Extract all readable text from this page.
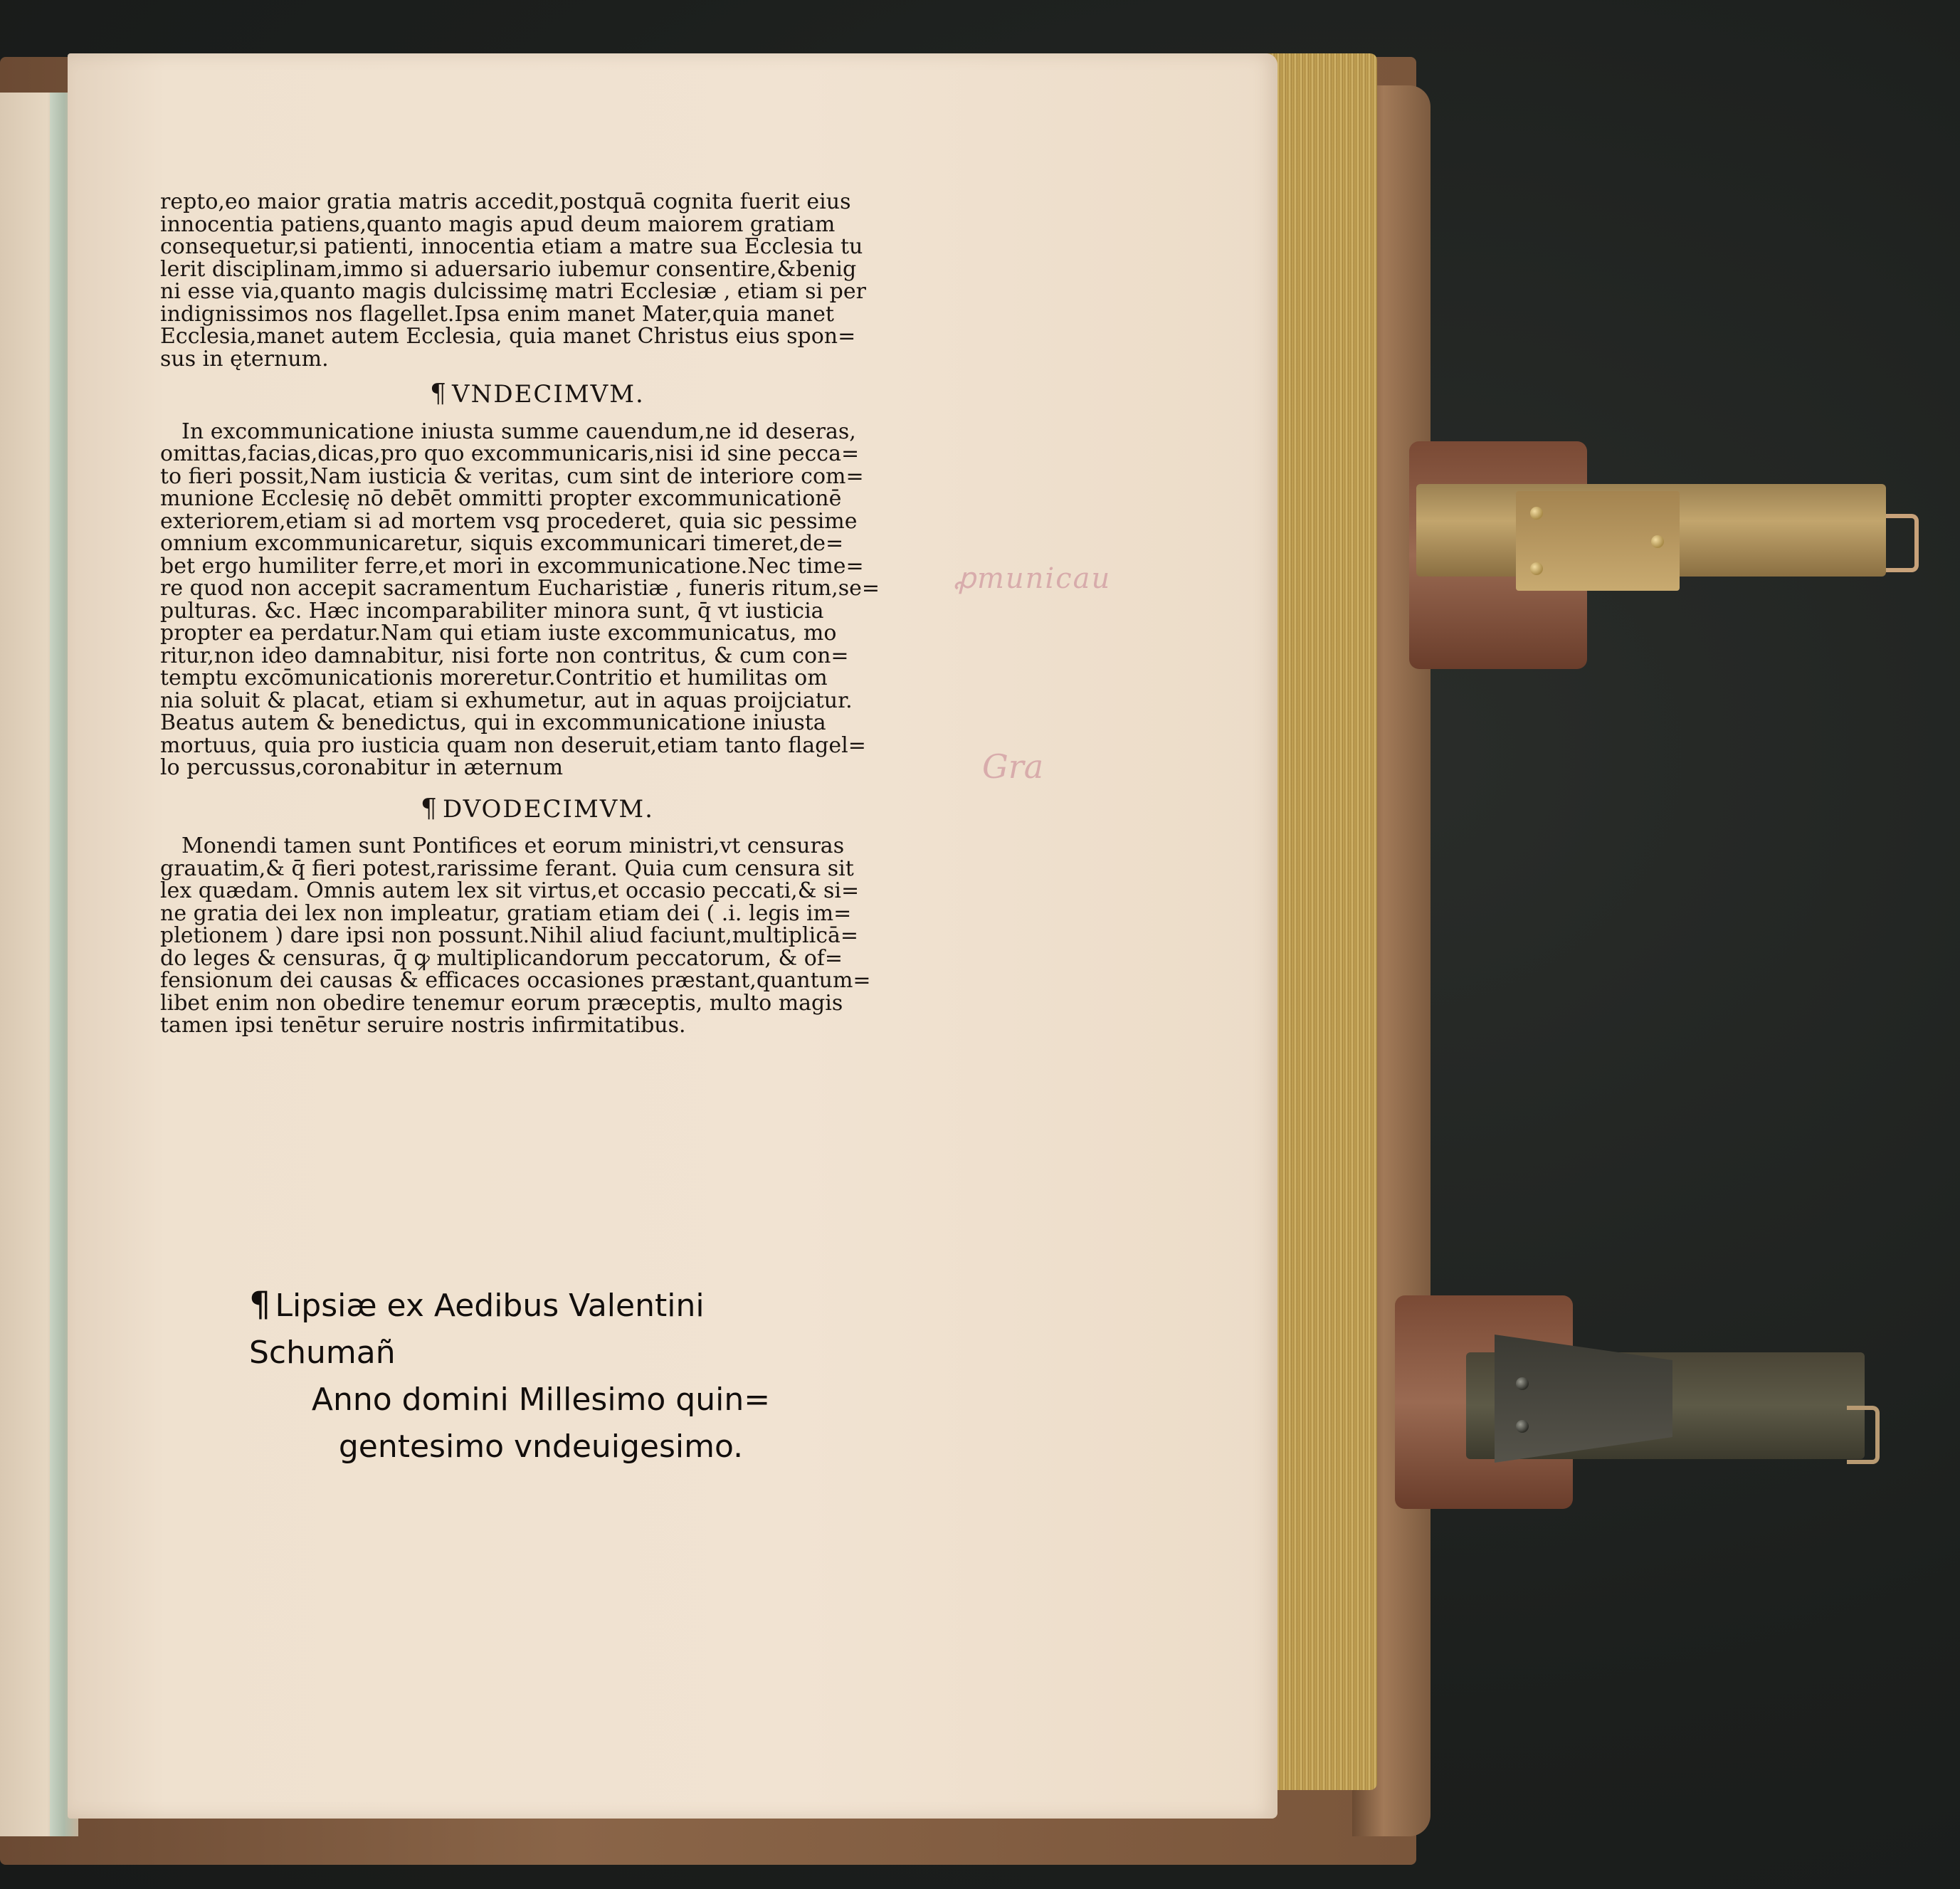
repto,eo maior gratia matris accedit,postquā cognita fuerit eius

innocentia patiens,quanto magis apud deum maiorem gratiam

consequetur,si patienti, innocentia etiam a matre sua Ecclesia tu

lerit disciplinam,immo si aduersario iubemur consentire,&benig

ni esse via,quanto magis dulcissimę matri Ecclesiæ , etiam si per

indignissimos nos flagellet.Ipsa enim manet Mater,quia manet

Ecclesia,manet autem Ecclesia, quia manet Christus eius spon=

sus in ęternum.

¶ VNDECIMVM.

In excommunicatione iniusta summe cauendum,ne id deseras,

omittas,facias,dicas,pro quo excommunicaris,nisi id sine pecca=

to fieri possit,Nam iusticia & veritas, cum sint de interiore com=

munione Ecclesię nō debēt ommitti propter excommunicationē

exteriorem,etiam si ad mortem vsq̧ procederet, quia sic pessime

omnium excommunicaretur, siquis excommunicari timeret,de=

bet ergo humiliter ferre,et mori in excommunicatione.Nec time=

re quod non accepit sacramentum Eucharistiæ , funeris ritum,se=

pulturas. &c. Hæc incomparabiliter minora sunt, q̄ vt iusticia

propter ea perdatur.Nam qui etiam iuste excommunicatus, mo

ritur,non ideo damnabitur, nisi forte non contritus, & cum con=

temptu excōmunicationis moreretur.Contritio et humilitas om

nia soluit & placat, etiam si exhumetur, aut in aquas proijciatur.

Beatus autem & benedictus, qui in excommunicatione iniusta

mortuus, quia pro iusticia quam non deseruit,etiam tanto flagel=

lo percussus,coronabitur in æternum

¶ DVODECIMVM.

Monendi tamen sunt Pontifices et eorum ministri,vt censuras

grauatim,& q̄ fieri potest,rarissime ferant. Quia cum censura sit

lex quædam. Omnis autem lex sit virtus,et occasio peccati,& si=

ne gratia dei lex non impleatur, gratiam etiam dei ( .i. legis im=

pletionem ) dare ipsi non possunt.Nihil aliud faciunt,multiplicā=

do leges & censuras, q̄ ꝙ multiplicandorum peccatorum, & of=

fensionum dei causas & efficaces occasiones præstant,quantum=

libet enim non obedire tenemur eorum præceptis, multo magis

tamen ipsi tenētur seruire nostris infirmitatibus.

¶ Lipsiæ ex Aedibus Valentini Schumañ
Anno domini Millesimo quin=
gentesimo vndeuigesimo.
ꝓmunicau
Gra
